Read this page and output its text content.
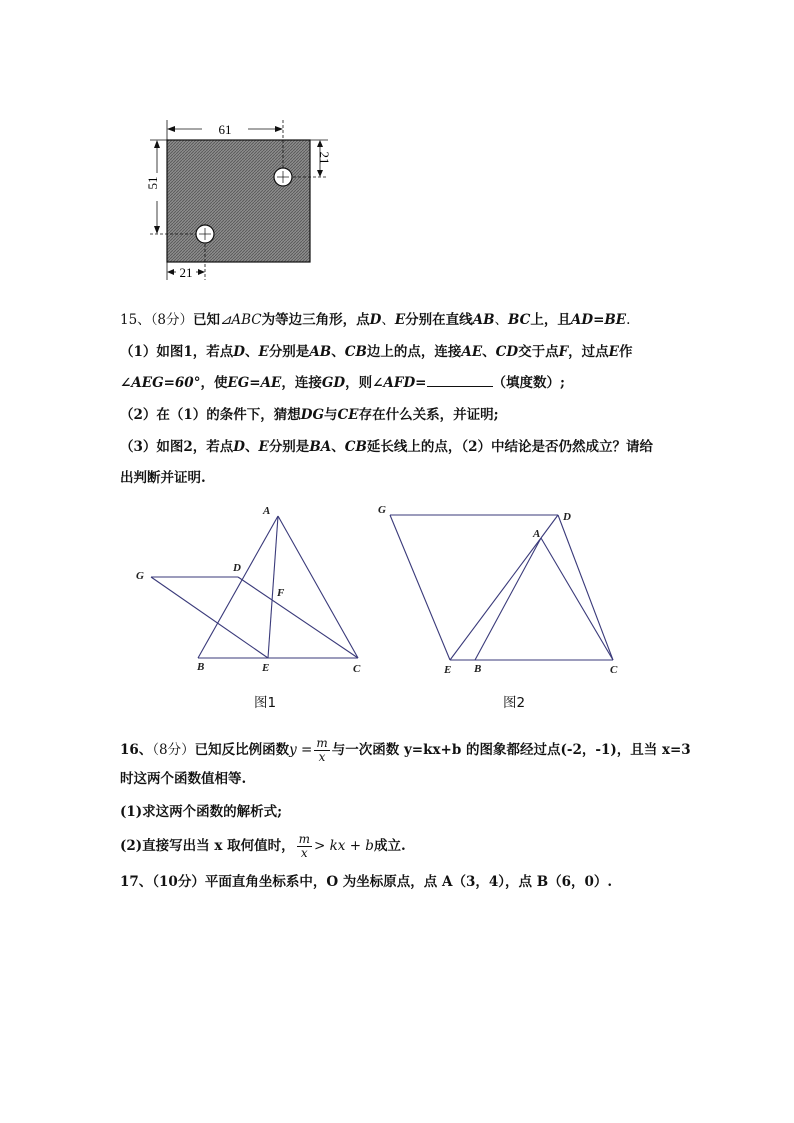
61
51
21
21
15、（8分）已知⊿ABC为等边三角形，点D、E分别在直线AB、BC上，且AD=BE.
（1）如图1，若点D、E分别是AB、CB边上的点，连接AE、CD交于点F，过点E作
∠AEG=60°，使EG=AE，连接GD，则∠AFD=	（填度数）;
（2）在（1）的条件下，猜想DG与CE存在什么关系，并证明;
（3）如图2，若点D、E分别是BA、CB延长线上的点，（2）中结论是否仍然成立？请给
出判断并证明.
A
B	C
D
E
F
G
图1
A
B	C
D
E
G
图2
16、（8分）已知反比例函数$y = \frac{m}{x}$ 与一次函数 y=kx+b 的图象都经过点(-2，-1)，且当 x=3
时这两个函数值相等.
(1)求这两个函数的解析式;
(2)直接写出当 x 取何值时， $\frac{m}{x}$ > kx + b成立.
17、（10分）平面直角坐标系中，O 为坐标原点，点 A（3，4），点 B（6，0）.
